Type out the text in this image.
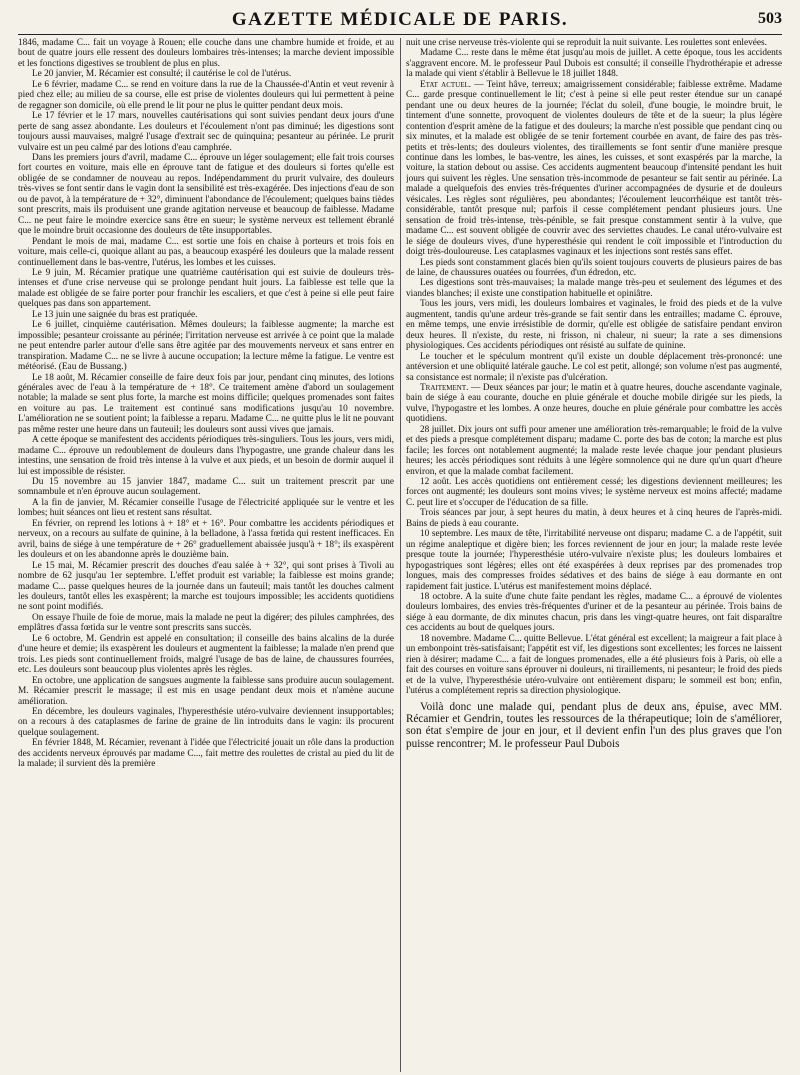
GAZETTE MÉDICALE DE PARIS.	503

1846, madame C... fait un voyage à Rouen; elle couche dans une chambre humide et froide, et au bout de quatre jours elle ressent des douleurs lombaires très-intenses; la marche devient impossible et les fonctions digestives se troublent de plus en plus.

Le 20 janvier, M. Récamier est consulté; il cautérise le col de l'utérus.

Le 6 février, madame C... se rend en voiture dans la rue de la Chaussée-d'Antin et veut revenir à pied chez elle; au milieu de sa course, elle est prise de violentes douleurs qui lui permettent à peine de regagner son domicile, où elle prend le lit pour ne plus le quitter pendant deux mois.

Le 17 février et le 17 mars, nouvelles cautérisations qui sont suivies pendant deux jours d'une perte de sang assez abondante. Les douleurs et l'écoulement n'ont pas diminué; les digestions sont toujours aussi mauvaises, malgré l'usage d'extrait sec de quinquina; pesanteur au périnée. Le prurit vulvaire est un peu calmé par des lotions d'eau camphrée.

Dans les premiers jours d'avril, madame C... éprouve un léger soulagement; elle fait trois courses fort courtes en voiture, mais elle en éprouve tant de fatigue et des douleurs si fortes qu'elle est obligée de se condamner de nouveau au repos. Indépendamment du prurit vulvaire, des douleurs très-vives se font sentir dans le vagin dont la sensibilité est très-exagérée. Des injections d'eau de son ou de pavot, à la température de + 32°, diminuent l'abondance de l'écoulement; quelques bains tièdes sont prescrits, mais ils produisent une grande agitation nerveuse et beaucoup de faiblesse. Madame C... ne peut faire le moindre exercice sans être en sueur; le système nerveux est tellement ébranlé que le moindre bruit occasionne des douleurs de tête insupportables.

Pendant le mois de mai, madame C... est sortie une fois en chaise à porteurs et trois fois en voiture, mais celle-ci, quoique allant au pas, a beaucoup exaspéré les douleurs que la malade ressent continuellement dans le bas-ventre, l'utérus, les lombes et les cuisses.

Le 9 juin, M. Récamier pratique une quatrième cautérisation qui est suivie de douleurs très-intenses et d'une crise nerveuse qui se prolonge pendant huit jours. La faiblesse est telle que la malade est obligée de se faire porter pour franchir les escaliers, et que c'est à peine si elle peut faire quelques pas dans son appartement.

Le 13 juin une saignée du bras est pratiquée.

Le 6 juillet, cinquième cautérisation. Mêmes douleurs; la faiblesse augmente; la marche est impossible; pesanteur croissante au périnée; l'irritation nerveuse est arrivée à ce point que la malade ne peut entendre parler autour d'elle sans être agitée par des mouvements nerveux et sans entrer en transpiration. Madame C... ne se livre à aucune occupation; la lecture même la fatigue. Le ventre est météorisé. (Eau de Bussang.)

Le 18 août, M. Récamier conseille de faire deux fois par jour, pendant cinq minutes, des lotions générales avec de l'eau à la température de + 18°. Ce traitement amène d'abord un soulagement notable; la malade se sent plus forte, la marche est moins difficile; quelques promenades sont faites en voiture au pas. Le traitement est continué sans modifications jusqu'au 10 novembre. L'amélioration ne se soutient point; la faiblesse a reparu. Madame C... ne quitte plus le lit ne pouvant pas même rester une heure dans un fauteuil; les douleurs sont aussi vives que jamais.

A cette époque se manifestent des accidents périodiques très-singuliers. Tous les jours, vers midi, madame C... éprouve un redoublement de douleurs dans l'hypogastre, une grande chaleur dans les intestins, une sensation de froid très intense à la vulve et aux pieds, et un besoin de dormir auquel il lui est impossible de résister.

Du 15 novembre au 15 janvier 1847, madame C... suit un traitement prescrit par une somnambule et n'en éprouve aucun soulagement.

A la fin de janvier, M. Récamier conseille l'usage de l'électricité appliquée sur le ventre et les lombes; huit séances ont lieu et restent sans résultat.

En février, on reprend les lotions à + 18° et + 16°. Pour combattre les accidents périodiques et nerveux, on a recours au sulfate de quinine, à la belladone, à l'assa fœtida qui restent inefficaces. En avril, bains de siége à une température de + 26° graduellement abaissée jusqu'à + 18°; ils exaspèrent les douleurs et on les abandonne après le douzième bain.

Le 15 mai, M. Récamier prescrit des douches d'eau salée à + 32°, qui sont prises à Tivoli au nombre de 62 jusqu'au 1er septembre. L'effet produit est variable; la faiblesse est moins grande; madame C... passe quelques heures de la journée dans un fauteuil; mais tantôt les douches calment les douleurs, tantôt elles les exaspèrent; la marche est toujours impossible; les accidents quotidiens ne sont point modifiés.

On essaye l'huile de foie de morue, mais la malade ne peut la digérer; des pilules camphrées, des emplâtres d'assa fœtida sur le ventre sont prescrits sans succès.

Le 6 octobre, M. Gendrin est appelé en consultation; il conseille des bains alcalins de la durée d'une heure et demie; ils exaspèrent les douleurs et augmentent la faiblesse; la malade n'en prend que trois. Les pieds sont continuellement froids, malgré l'usage de bas de laine, de chaussures fourrées, etc. Les douleurs sont beaucoup plus violentes après les règles.

En octobre, une application de sangsues augmente la faiblesse sans produire aucun soulagement. M. Récamier prescrit le massage; il est mis en usage pendant deux mois et n'amène aucune amélioration.

En décembre, les douleurs vaginales, l'hyperesthésie utéro-vulvaire deviennent insupportables; on a recours à des cataplasmes de farine de graine de lin introduits dans le vagin: ils procurent quelque soulagement.

En février 1848, M. Récamier, revenant à l'idée que l'électricité jouait un rôle dans la production des accidents nerveux éprouvés par madame C..., fait mettre des roulettes de cristal au pied du lit de la malade; il survient dès la première

nuit une crise nerveuse très-violente qui se reproduit la nuit suivante. Les roulettes sont enlevées.

Madame C... reste dans le même état jusqu'au mois de juillet. A cette époque, tous les accidents s'aggravent encore. M. le professeur Paul Dubois est consulté; il conseille l'hydrothérapie et adresse la malade qui vient s'établir à Bellevue le 18 juillet 1848.

Etat actuel. — Teint hâve, terreux; amaigrissement considérable; faiblesse extrême. Madame C... garde presque continuellement le lit; c'est à peine si elle peut rester étendue sur un canapé pendant une ou deux heures de la journée; l'éclat du soleil, d'une bougie, le moindre bruit, le tintement d'une sonnette, provoquent de violentes douleurs de tête et de la sueur; la plus légère contention d'esprit amène de la fatigue et des douleurs; la marche n'est possible que pendant cinq ou six minutes, et la malade est obligée de se tenir fortement courbée en avant, de faire des pas très-petits et très-lents; des douleurs violentes, des tiraillements se font sentir d'une manière presque continue dans les lombes, le bas-ventre, les aines, les cuisses, et sont exaspérés par la marche, la voiture, la station debout ou assise. Ces accidents augmentent beaucoup d'intensité pendant les huit jours qui suivent les règles. Une sensation très-incommode de pesanteur se fait sentir au périnée. La malade a quelquefois des envies très-fréquentes d'uriner accompagnées de dysurie et de douleurs vésicales. Les règles sont régulières, peu abondantes; l'écoulement leucorrhéique est tantôt très-considérable, tantôt presque nul; parfois il cesse complétement pendant plusieurs jours. Une sensation de froid très-intense, très-pénible, se fait presque constamment sentir à la vulve, que madame C... est souvent obligée de couvrir avec des serviettes chaudes. Le canal utéro-vulvaire est le siége de douleurs vives, d'une hyperesthésie qui rendent le coït impossible et l'introduction du doigt très-douloureuse. Les cataplasmes vaginaux et les injections sont restés sans effet.

Les pieds sont constamment glacés bien qu'ils soient toujours couverts de plusieurs paires de bas de laine, de chaussures ouatées ou fourrées, d'un édredon, etc.

Les digestions sont très-mauvaises; la malade mange très-peu et seulement des légumes et des viandes blanches; il existe une constipation habituelle et opiniâtre.

Tous les jours, vers midi, les douleurs lombaires et vaginales, le froid des pieds et de la vulve augmentent, tandis qu'une ardeur très-grande se fait sentir dans les entrailles; madame C. éprouve, en même temps, une envie irrésistible de dormir, qu'elle est obligée de satisfaire pendant environ deux heures. Il n'existe, du reste, ni frisson, ni chaleur, ni sueur; la rate a ses dimensions physiologiques. Ces accidents périodiques ont résisté au sulfate de quinine.

Le toucher et le spéculum montrent qu'il existe un double déplacement très-prononcé: une antéversion et une obliquité latérale gauche. Le col est petit, allongé; son volume n'est pas augmenté, sa consistance est normale; il n'existe pas d'ulcération.

Traitement. — Deux séances par jour; le matin et à quatre heures, douche ascendante vaginale, bain de siége à eau courante, douche en pluie générale et douche mobile dirigée sur les pieds, la vulve, l'hypogastre et les lombes. A onze heures, douche en pluie générale pour combattre les accès quotidiens.

28 juillet. Dix jours ont suffi pour amener une amélioration très-remarquable; le froid de la vulve et des pieds a presque complétement disparu; madame C. porte des bas de coton; la marche est plus facile; les forces ont notablement augmenté; la malade reste levée chaque jour pendant plusieurs heures; les accès périodiques sont réduits à une légère somnolence qui ne dure qu'un quart d'heure environ, et que la malade combat facilement.

12 août. Les accès quotidiens ont entièrement cessé; les digestions deviennent meilleures; les forces ont augmenté; les douleurs sont moins vives; le système nerveux est moins affecté; madame C. peut lire et s'occuper de l'éducation de sa fille.

Trois séances par jour, à sept heures du matin, à deux heures et à cinq heures de l'après-midi. Bains de pieds à eau courante.

10 septembre. Les maux de tête, l'irritabilité nerveuse ont disparu; madame C. a de l'appétit, suit un régime analeptique et digère bien; les forces reviennent de jour en jour; la malade reste levée presque toute la journée; l'hyperesthésie utéro-vulvaire n'existe plus; les douleurs lombaires et hypogastriques sont légères; elles ont été exaspérées à deux reprises par des promenades trop longues, mais des compresses froides sédatives et des bains de siége à eau dormante en ont rapidement fait justice. L'utérus est manifestement moins déplacé.

18 octobre. A la suite d'une chute faite pendant les règles, madame C... a éprouvé de violentes douleurs lombaires, des envies très-fréquentes d'uriner et de la pesanteur au périnée. Trois bains de siége à eau dormante, de dix minutes chacun, pris dans les vingt-quatre heures, ont fait disparaître ces accidents au bout de quelques jours.

18 novembre. Madame C... quitte Bellevue. L'état général est excellent; la maigreur a fait place à un embonpoint très-satisfaisant; l'appétit est vif, les digestions sont excellentes; les forces ne laissent rien à désirer; madame C... a fait de longues promenades, elle a été plusieurs fois à Paris, où elle a fait des courses en voiture sans éprouver ni douleurs, ni tiraillements, ni pesanteur; le froid des pieds et de la vulve, l'hyperesthésie utéro-vulvaire ont entièrement disparu; le sommeil est bon; enfin, l'utérus a complétement repris sa direction physiologique.

Voilà donc une malade qui, pendant plus de deux ans, épuise, avec MM. Récamier et Gendrin, toutes les ressources de la thérapeutique; loin de s'améliorer, son état s'empire de jour en jour, et il devient enfin l'un des plus graves que l'on puisse rencontrer; M. le professeur Paul Dubois
